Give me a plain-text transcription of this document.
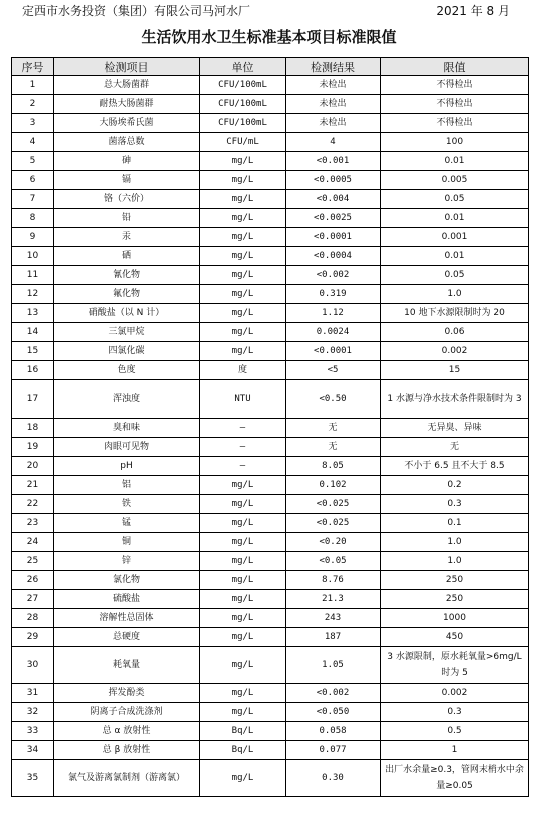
定西市水务投资（集团）有限公司马河水厂	2021 年 8 月
生活饮用水卫生标准基本项目标准限值
序号	检测项目	单位	检测结果	限值
1	总大肠菌群	CFU/100mL	未检出	不得检出
2	耐热大肠菌群	CFU/100mL	未检出	不得检出
3	大肠埃希氏菌	CFU/100mL	未检出	不得检出
4	菌落总数	CFU/mL	4	100
5	砷	mg/L	<0.001	0.01
6	镉	mg/L	<0.0005	0.005
7	铬（六价）	mg/L	<0.004	0.05
8	铅	mg/L	<0.0025	0.01
9	汞	mg/L	<0.0001	0.001
10	硒	mg/L	<0.0004	0.01
11	氰化物	mg/L	<0.002	0.05
12	氟化物	mg/L	0.319	1.0
13	硝酸盐（以 N 计）	mg/L	1.12	10 地下水源限制时为 20
14	三氯甲烷	mg/L	0.0024	0.06
15	四氯化碳	mg/L	<0.0001	0.002
16	色度	度	<5	15
17	浑浊度	NTU	<0.50	1 水源与净水技术条件限制时为 3
18	臭和味	—	无	无异臭、异味
19	肉眼可见物	—	无	无
20	pH	—	8.05	不小于 6.5 且不大于 8.5
21	铝	mg/L	0.102	0.2
22	铁	mg/L	<0.025	0.3
23	锰	mg/L	<0.025	0.1
24	铜	mg/L	<0.20	1.0
25	锌	mg/L	<0.05	1.0
26	氯化物	mg/L	8.76	250
27	硫酸盐	mg/L	21.3	250
28	溶解性总固体	mg/L	243	1000
29	总硬度	mg/L	187	450
30	耗氧量	mg/L	1.05	3 水源限制，原水耗氧量>6mg/L 时为 5
31	挥发酚类	mg/L	<0.002	0.002
32	阴离子合成洗涤剂	mg/L	<0.050	0.3
33	总 α 放射性	Bq/L	0.058	0.5
34	总 β 放射性	Bq/L	0.077	1
35	氯气及游离氯制剂（游离氯）	mg/L	0.30	出厂水余量≥0.3，管网末梢水中余量≥0.05
